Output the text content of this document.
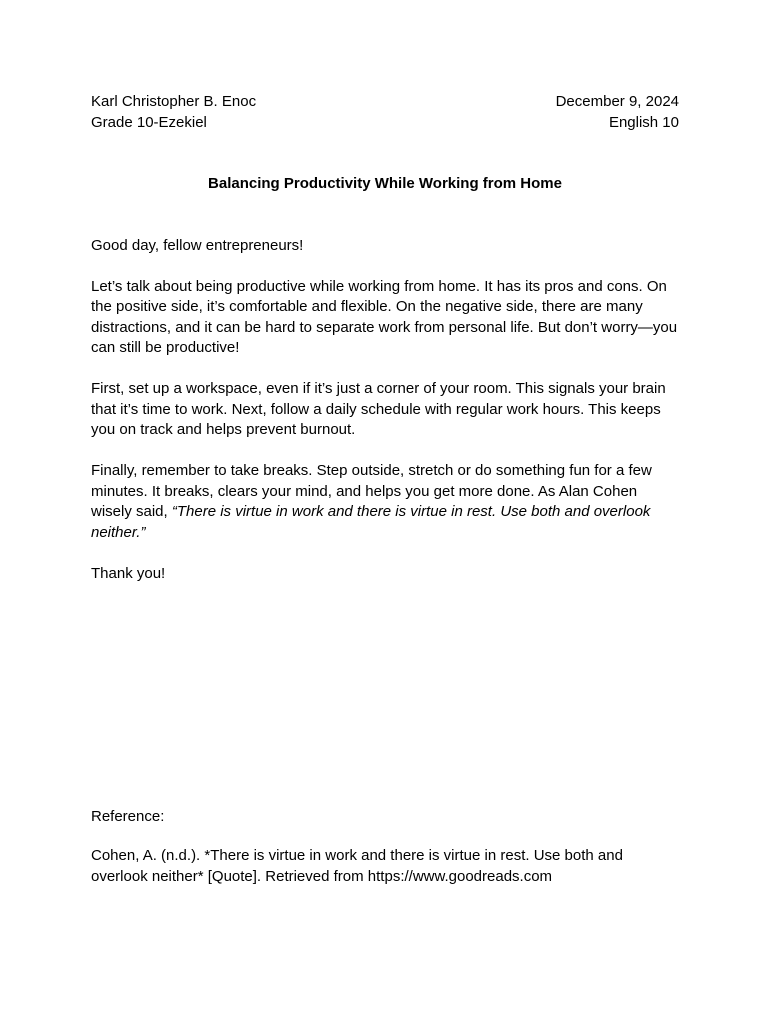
Karl Christopher B. Enoc	December 9, 2024
Grade 10-Ezekiel	English 10
Balancing Productivity While Working from Home

Good day, fellow entrepreneurs!

Let’s talk about being productive while working from home. It has its pros and cons. On the positive side, it’s comfortable and flexible. On the negative side, there are many distractions, and it can be hard to separate work from personal life. But don’t worry—you can still be productive!

First, set up a workspace, even if it’s just a corner of your room. This signals your brain that it’s time to work. Next, follow a daily schedule with regular work hours. This keeps you on track and helps prevent burnout.

Finally, remember to take breaks. Step outside, stretch or do something fun for a few minutes. It breaks, clears your mind, and helps you get more done. As Alan Cohen wisely said, “There is virtue in work and there is virtue in rest. Use both and overlook neither.”

Thank you!

Reference:
Cohen, A. (n.d.). *There is virtue in work and there is virtue in rest. Use both and overlook neither* [Quote]. Retrieved from https://www.goodreads.com
